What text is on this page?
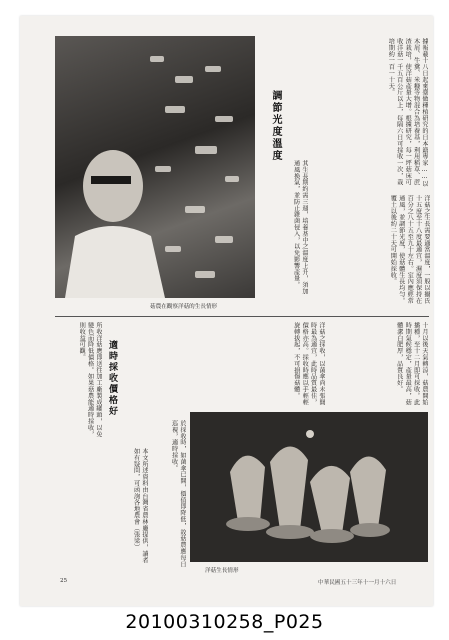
菇農在觀察洋菇的生長情形
據報載十八日起來臺做種植研究的日本籍專家……以木屑、牛糞、米糠等物混合為培養基，利用稻草、蔗渣栽培，使洋菇產量大增。根據研究，每一坪菇床可收洋菇一千五百公斤以上，每隔六日可採收一次，栽培期約一百一十天。
洋菇之生長需要適當溫度，一般以攝氏十五度至十八度最適宜，濕度須保持在百分之八十五至九十左右。室內應經常通風，並調節光度，使菇體生長均勻。覆土以後約二十天可開始採收。
調節光度溫度
其生長期約需三週，培養基中之溫度上升，須加通風換氣，並防止雜菌侵入，以免影響產量。
十月以後天氣轉涼，菇農開始播種，至十二月即可採收。此時期氣候穩定，產量最高，菇體潔白肥厚，品質良好。
洋菇之採收，以菌傘尚未張開時最為適宜，此時品質最佳，價格亦高。採收時應以手輕輕旋轉拔起，不可損傷菇體。
適時採收價格好
所收洋菇應即送往加工廠製成罐頭，以免變色而降低價格。如果菇農能適時採收，則收益可觀。
洋菇生長情形
於採收時，如菌傘已開，價值即降低，故菇農應每日巡視，適時採收。
本文所述資料由台灣省農林廳提供，讀者如有疑問，可函詢各地農會（張梁）
25	中華民國五十三年十一月十六日
20100310258_P025
